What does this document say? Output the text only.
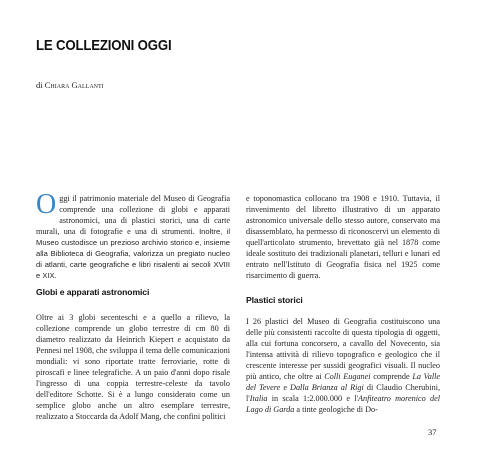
LE COLLEZIONI OGGI
di Chiara Gallanti

Oggi il patrimonio materiale del Museo di Geografia comprende una collezione di globi e apparati astronomici, una di plastici storici, una di carte murali, una di fotografie e una di strumenti. Inoltre, il Museo custodisce un prezioso archivio storico e, insieme alla Biblioteca di Geografia, valorizza un pregiato nucleo di atlanti, carte geografiche e libri risalenti ai secoli XVIII e XIX.

e toponomastica collocano tra 1908 e 1910. Tuttavia, il rinvenimento del libretto illustrativo di un apparato astronomico universale dello stesso autore, conservato ma disassemblato, ha permesso di riconoscervi un elemento di quell'articolato strumento, brevettato già nel 1878 come ideale sostituto dei tradizionali planetari, telluri e lunari ed entrato nell'Istituto di Geografia fisica nel 1925 come risarcimento di guerra.

Globi e apparati astronomici

Oltre ai 3 globi secenteschi e a quello a rilievo, la collezione comprende un globo terrestre di cm 80 di diametro realizzato da Heinrich Kiepert e acquistato da Pennesi nel 1908, che sviluppa il tema delle comunicazioni mondiali: vi sono riportate tratte ferroviarie, rotte di piroscafi e linee telegrafiche. A un paio d'anni dopo risale l'ingresso di una coppia terrestre-celeste da tavolo dell'editore Schotte. Si è a lungo considerato come un semplice globo anche un altro esemplare terrestre, realizzato a Stoccarda da Adolf Mang, che confini politici

Plastici storici

I 26 plastici del Museo di Geografia costituiscono una delle più consistenti raccolte di questa tipologia di oggetti, alla cui fortuna concorsero, a cavallo del Novecento, sia l'intensa attività di rilievo topografico e geologico che il crescente interesse per sussidi geografici visuali. Il nucleo più antico, che oltre ai Colli Euganei comprende La Valle del Tevere e Dalla Brianza al Rigi di Claudio Cherubini, l'Italia in scala 1:2.000.000 e l'Anfiteatro morenico del Lago di Garda a tinte geologiche di Do-

37
